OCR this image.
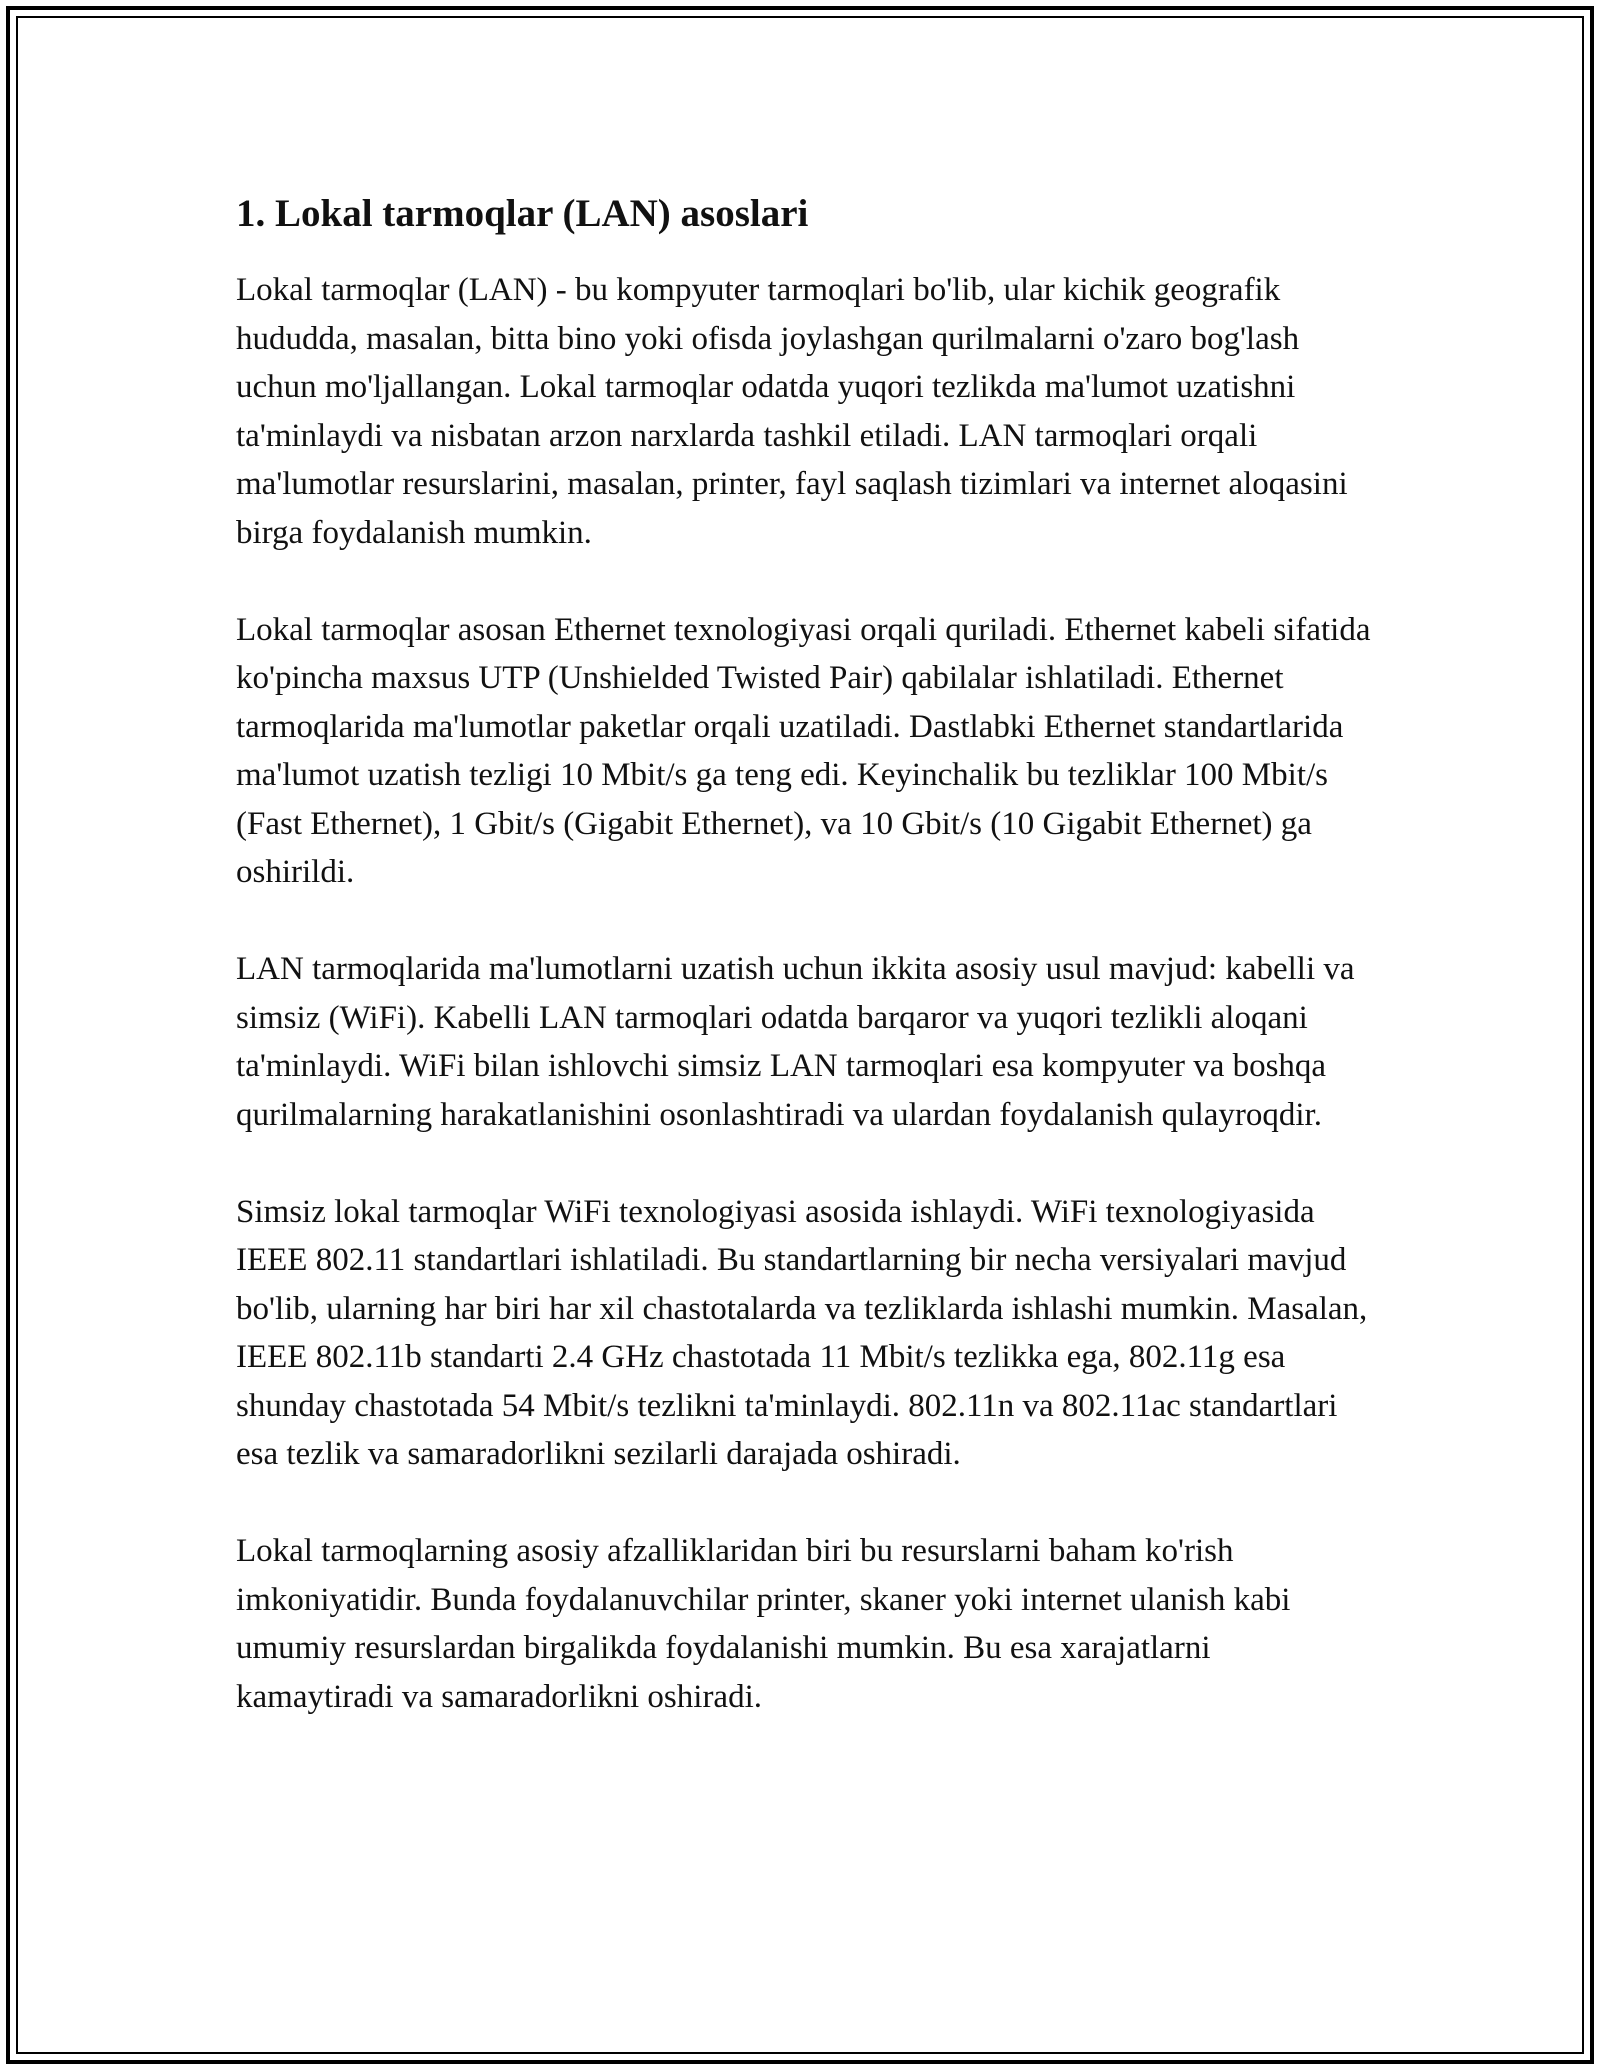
1. Lokal tarmoqlar (LAN) asoslari

Lokal tarmoqlar (LAN) - bu kompyuter tarmoqlari bo'lib, ular kichik geografik hududda, masalan, bitta bino yoki ofisda joylashgan qurilmalarni o'zaro bog'lash uchun mo'ljallangan. Lokal tarmoqlar odatda yuqori tezlikda ma'lumot uzatishni ta'minlaydi va nisbatan arzon narxlarda tashkil etiladi. LAN tarmoqlari orqali ma'lumotlar resurslarini, masalan, printer, fayl saqlash tizimlari va internet aloqasini birga foydalanish mumkin.

Lokal tarmoqlar asosan Ethernet texnologiyasi orqali quriladi. Ethernet kabeli sifatida ko'pincha maxsus UTP (Unshielded Twisted Pair) qabilalar ishlatiladi. Ethernet tarmoqlarida ma'lumotlar paketlar orqali uzatiladi. Dastlabki Ethernet standartlarida ma'lumot uzatish tezligi 10 Mbit/s ga teng edi. Keyinchalik bu tezliklar 100 Mbit/s (Fast Ethernet), 1 Gbit/s (Gigabit Ethernet), va 10 Gbit/s (10 Gigabit Ethernet) ga oshirildi.

LAN tarmoqlarida ma'lumotlarni uzatish uchun ikkita asosiy usul mavjud: kabelli va simsiz (WiFi). Kabelli LAN tarmoqlari odatda barqaror va yuqori tezlikli aloqani ta'minlaydi. WiFi bilan ishlovchi simsiz LAN tarmoqlari esa kompyuter va boshqa qurilmalarning harakatlanishini osonlashtiradi va ulardan foydalanish qulayroqdir.

Simsiz lokal tarmoqlar WiFi texnologiyasi asosida ishlaydi. WiFi texnologiyasida IEEE 802.11 standartlari ishlatiladi. Bu standartlarning bir necha versiyalari mavjud bo'lib, ularning har biri har xil chastotalarda va tezliklarda ishlashi mumkin. Masalan, IEEE 802.11b standarti 2.4 GHz chastotada 11 Mbit/s tezlikka ega, 802.11g esa shunday chastotada 54 Mbit/s tezlikni ta'minlaydi. 802.11n va 802.11ac standartlari esa tezlik va samaradorlikni sezilarli darajada oshiradi.

Lokal tarmoqlarning asosiy afzalliklaridan biri bu resurslarni baham ko'rish imkoniyatidir. Bunda foydalanuvchilar printer, skaner yoki internet ulanish kabi umumiy resurslardan birgalikda foydalanishi mumkin. Bu esa xarajatlarni kamaytiradi va samaradorlikni oshiradi.
